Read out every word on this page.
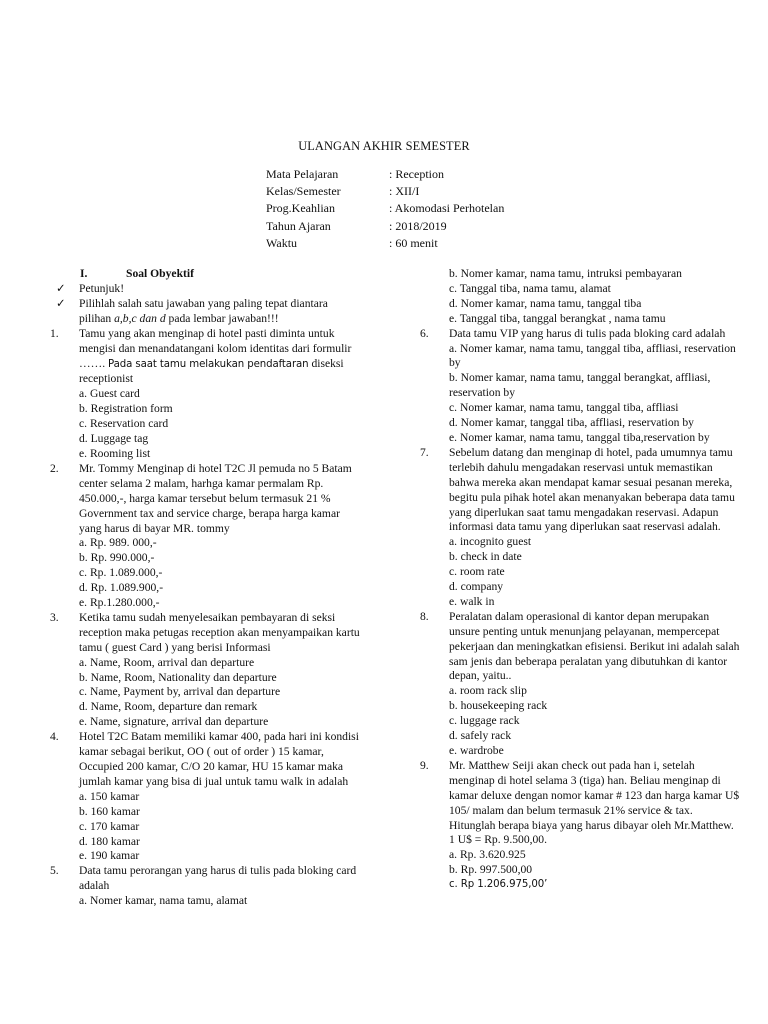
ULANGAN AKHIR SEMESTER
Mata Pelajaran	: Reception
Kelas/Semester	: XII/I
Prog.Keahlian	: Akomodasi Perhotelan
Tahun Ajaran	: 2018/2019
Waktu	: 60 menit
I.	Soal Obyektif
✓ Petunjuk!
✓ Pilihlah salah satu jawaban yang paling tepat diantara pilihan a,b,c dan d pada lembar jawaban!!!
1. Tamu yang akan menginap di hotel pasti diminta untuk mengisi dan menandatangani kolom identitas dari formulir ……. Pada saat tamu melakukan pendaftaran diseksi receptionist
a. Guest card
b. Registration form
c. Reservation card
d. Luggage tag
e. Rooming list
2. Mr. Tommy Menginap di hotel T2C Jl pemuda no 5 Batam center selama 2 malam, harhga kamar permalam Rp. 450.000,-, harga kamar tersebut belum termasuk 21 % Government tax and service charge, berapa harga kamar yang harus di bayar MR. tommy
a. Rp. 989. 000,-
b. Rp. 990.000,-
c. Rp. 1.089.000,-
d. Rp. 1.089.900,-
e. Rp.1.280.000,-
3. Ketika tamu sudah menyelesaikan pembayaran di seksi reception maka petugas reception akan menyampaikan kartu tamu ( guest Card ) yang berisi Informasi
a. Name, Room, arrival dan departure
b. Name, Room, Nationality dan departure
c. Name, Payment by, arrival dan departure
d. Name, Room, departure dan remark
e. Name, signature, arrival dan departure
4. Hotel T2C Batam memiliki kamar 400, pada hari ini kondisi kamar sebagai berikut, OO ( out of order ) 15 kamar, Occupied 200 kamar, C/O 20 kamar, HU 15 kamar maka jumlah kamar yang bisa di jual untuk tamu walk in adalah
a. 150 kamar
b. 160 kamar
c. 170 kamar
d. 180 kamar
e. 190 kamar
5. Data tamu perorangan yang harus di tulis pada bloking card adalah
a. Nomer kamar, nama tamu, alamat
b. Nomer kamar, nama tamu, intruksi pembayaran
c. Tanggal tiba, nama tamu, alamat
d. Nomer kamar, nama tamu, tanggal tiba
e. Tanggal tiba, tanggal berangkat , nama tamu
6. Data tamu VIP yang harus di tulis pada bloking card adalah
a. Nomer kamar, nama tamu, tanggal tiba, affliasi, reservation by
b. Nomer kamar, nama tamu, tanggal berangkat, affliasi, reservation by
c. Nomer kamar, nama tamu, tanggal tiba, affliasi
d. Nomer kamar, tanggal tiba, affliasi, reservation by
e. Nomer kamar, nama tamu, tanggal tiba,reservation by
7. Sebelum datang dan menginap di hotel, pada umumnya tamu terlebih dahulu mengadakan reservasi untuk memastikan bahwa mereka akan mendapat kamar sesuai pesanan mereka, begitu pula pihak hotel akan menanyakan beberapa data tamu yang diperlukan saat tamu mengadakan reservasi. Adapun informasi data tamu yang diperlukan saat reservasi adalah.
a. incognito guest
b. check in date
c. room rate
d. company
e. walk in
8. Peralatan dalam operasional di kantor depan merupakan unsure penting untuk menunjang pelayanan, mempercepat pekerjaan dan meningkatkan efisiensi. Berikut ini adalah salah sam jenis dan beberapa peralatan yang dibutuhkan di kantor depan, yaitu..
a. room rack slip
b. housekeeping rack
c. luggage rack
d. safely rack
e. wardrobe
9. Mr. Matthew Seiji akan check out pada han i, setelah menginap di hotel selama 3 (tiga) han. Beliau menginap di kamar deluxe dengan nomor kamar # 123 dan harga kamar U$ 105/ malam dan belum termasuk 21% service & tax. Hitunglah berapa biaya yang harus dibayar oleh Mr.Matthew. 1 U$ = Rp. 9.500,00.
a. Rp. 3.620.925
b. Rp. 997.500,00
c. Rp 1.206.975,00’
